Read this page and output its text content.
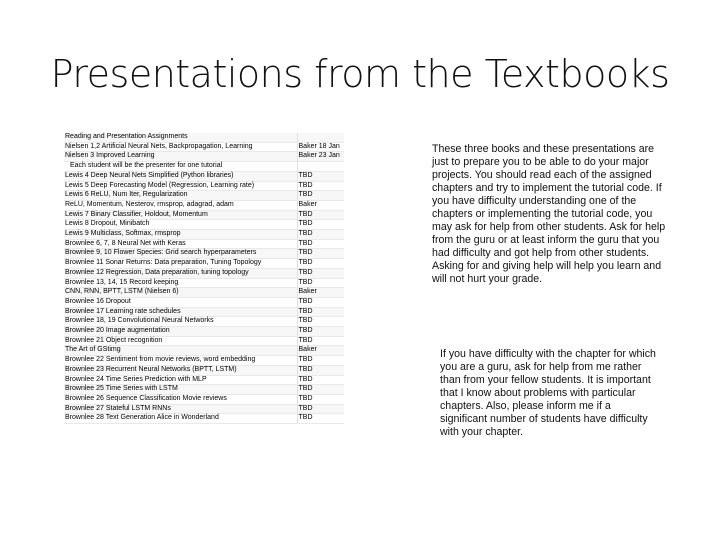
Presentations from the Textbooks
Reading and Presentation Assignments	
Nielsen 1,2 Artificial Neural Nets, Backpropagation, Learning	Baker 18 Jan
Nielsen 3 Improved Learning	Baker 23 Jan
Each student will be the presenter for one tutorial	
Lewis 4 Deep Neural Nets Simplified (Python libraries)	TBD
Lewis 5 Deep Forecasting Model (Regression, Learning rate)	TBD
Lewis 6 ReLU, Num Iter, Regularization	TBD
ReLU, Momentum, Nesterov, rmsprop, adagrad, adam	Baker
Lewis 7 Binary Classifier, Holdout, Momentum	TBD
Lewis 8 Dropout, Minibatch	TBD
Lewis 9 Multiclass, Softmax, rmsprop	TBD
Brownlee 6, 7, 8 Neural Net with Keras	TBD
Brownlee 9, 10 Flower Species: Grid search hyperparameters	TBD
Brownlee 11 Sonar Returns: Data preparation, Tuning Topology	TBD
Brownlee 12 Regression, Data preparation, tuning topology	TBD
Brownlee 13, 14, 15 Record keeping	TBD
CNN, RNN, BPTT, LSTM (Nielsen 6)	Baker
Brownlee 16 Dropout	TBD
Brownlee 17 Learning rate schedules	TBD
Brownlee 18, 19 Convolutional Neural Networks	TBD
Brownlee 20 Image augmentation	TBD
Brownlee 21 Object recognition	TBD
The Art of GStimg	Baker
Brownlee 22 Sentiment from movie reviews, word embedding	TBD
Brownlee 23 Recurrent Neural Networks (BPTT, LSTM)	TBD
Brownlee 24 Time Series Prediction with MLP	TBD
Brownlee 25 Time Series with LSTM	TBD
Brownlee 26 Sequence Classification Movie reviews	TBD
Brownlee 27 Stateful LSTM RNNs	TBD
Brownlee 28 Text Generation Alice in Wonderland	TBD
These three books and these presentations are just to prepare you to be able to do your major projects. You should read each of the assigned chapters and try to implement the tutorial code. If you have difficulty understanding one of the chapters or implementing the tutorial code, you may ask for help from other students. Ask for help from the guru or at least inform the guru that you had difficulty and got help from other students. Asking for and giving help will help you learn and will not hurt your grade.
If you have difficulty with the chapter for which you are a guru, ask for help from me rather than from your fellow students. It is important that I know about problems with particular chapters. Also, please inform me if a significant number of students have difficulty with your chapter.
